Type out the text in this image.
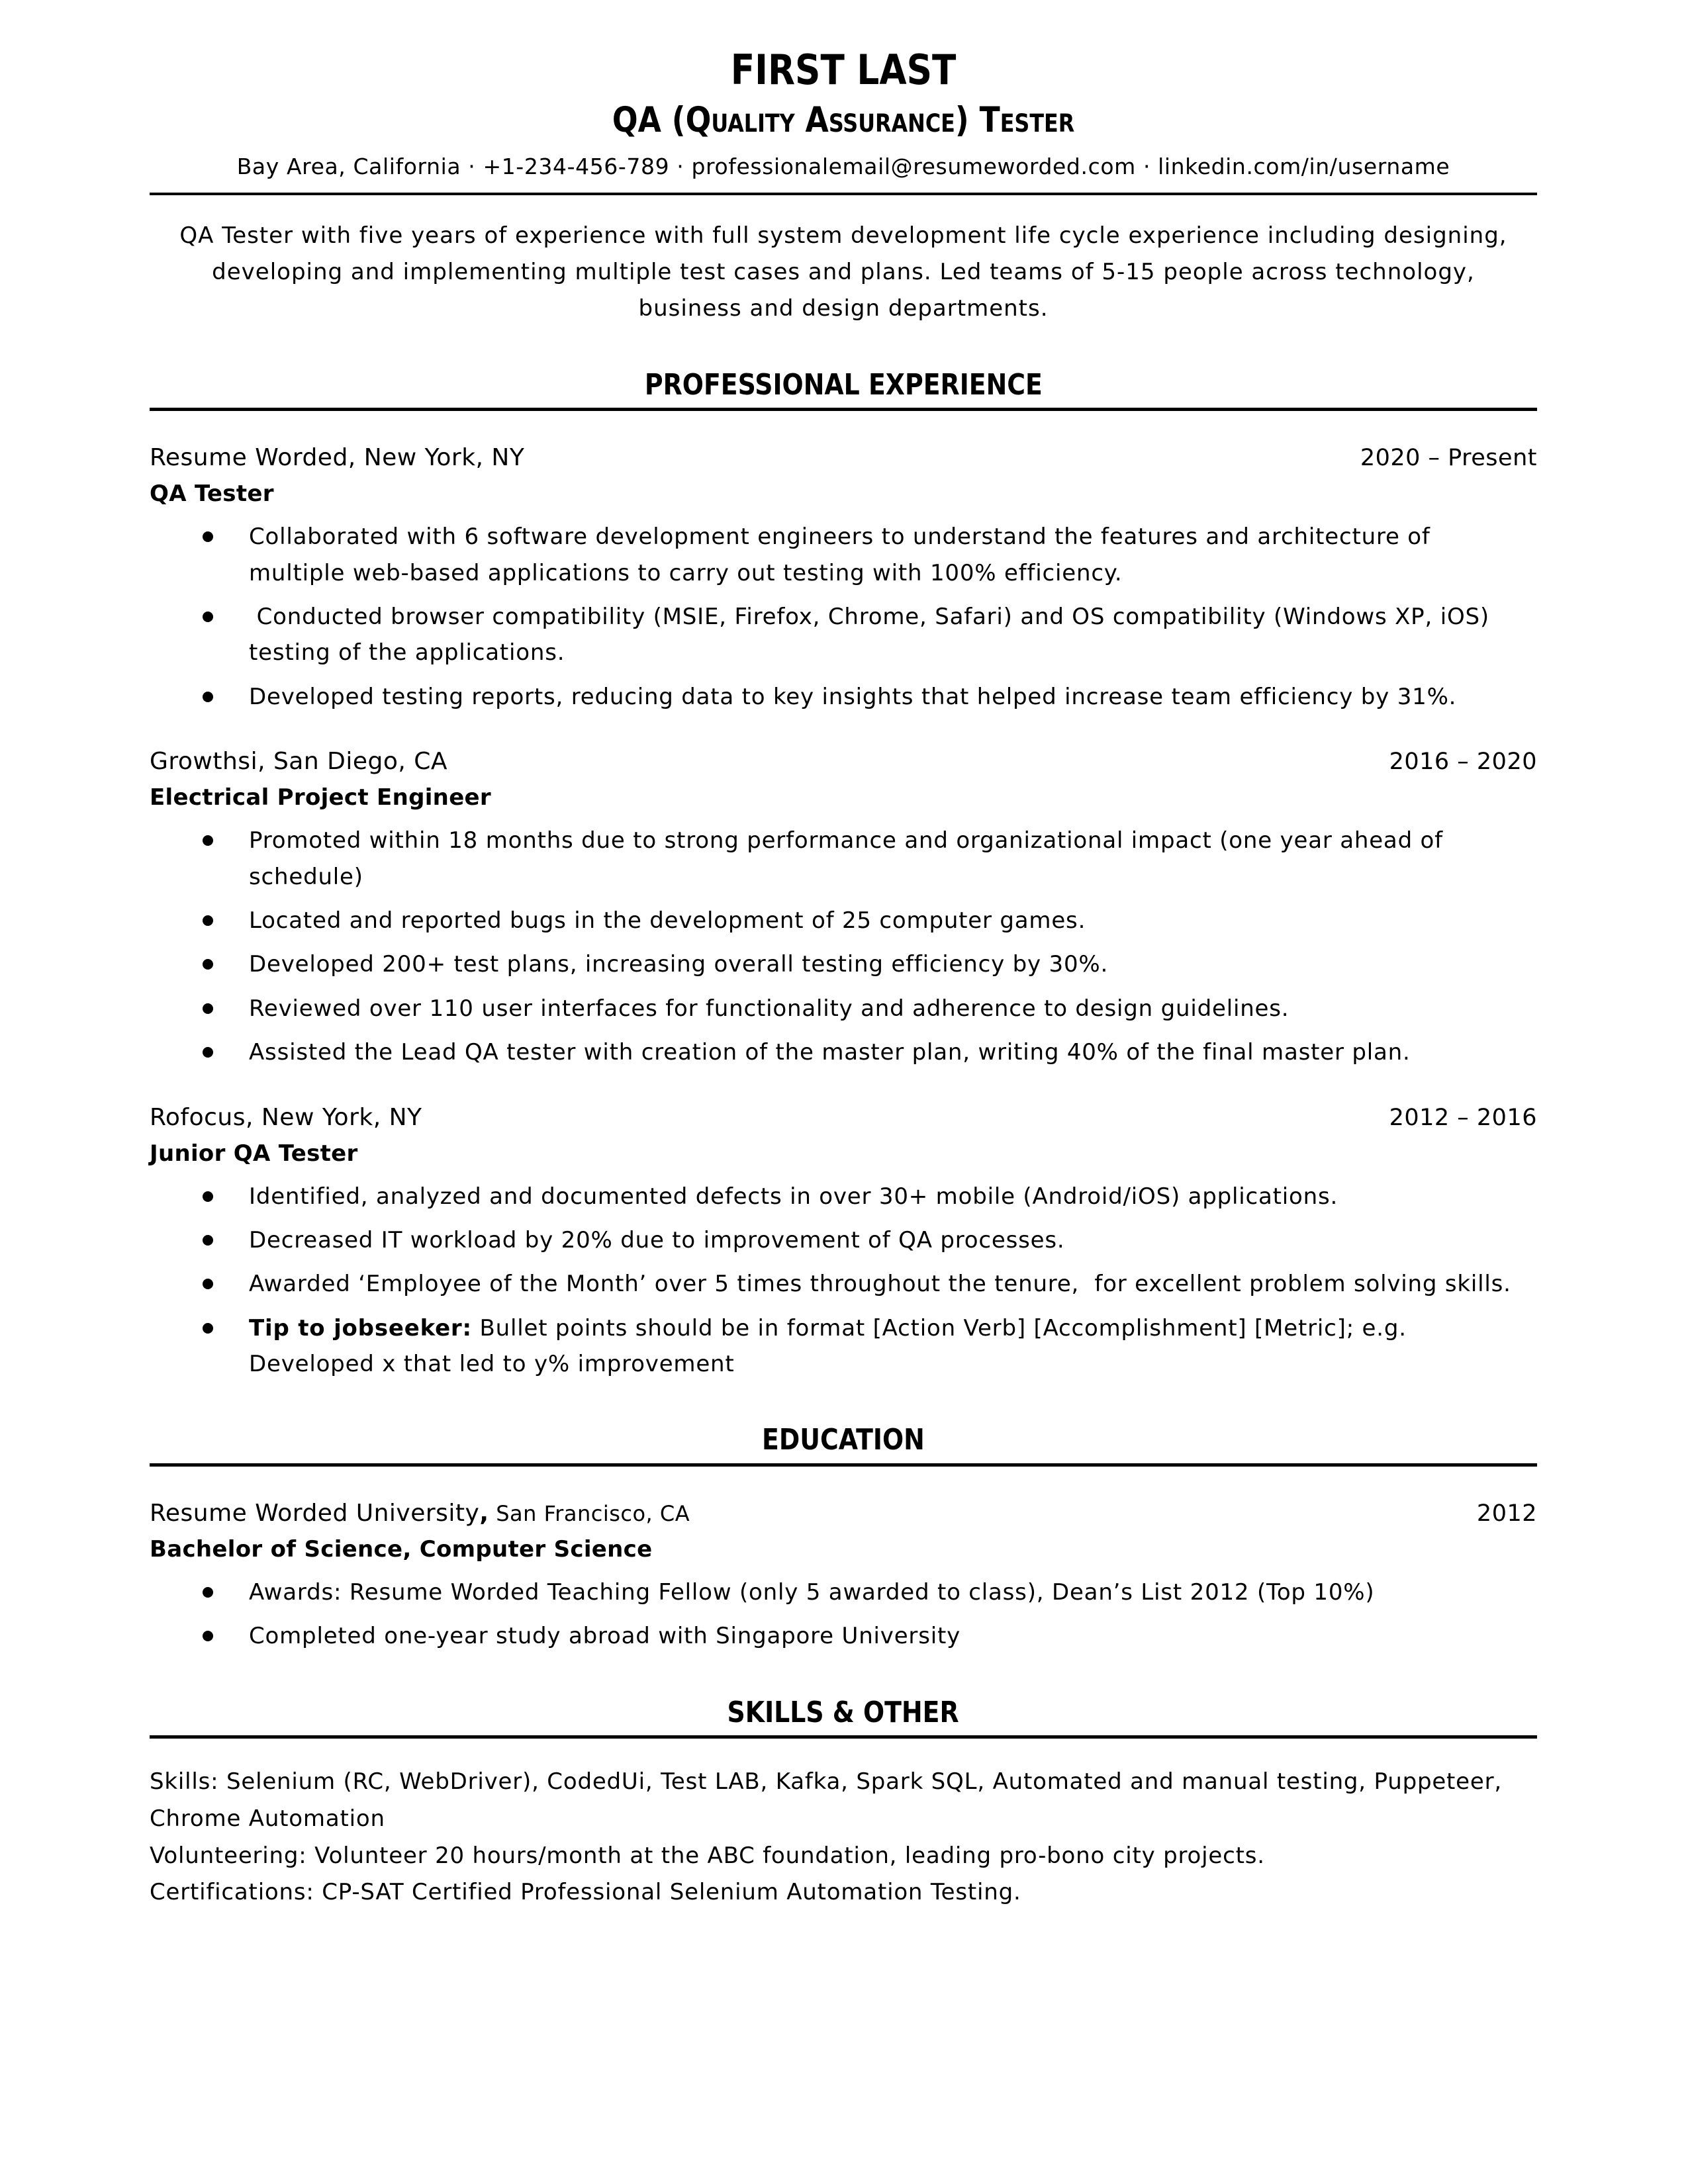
FIRST LAST
QA (Quality Assurance) Tester
Bay Area, California · +1-234-456-789 · professionalemail@resumeworded.com · linkedin.com/in/username

QA Tester with five years of experience with full system development life cycle experience including designing, developing and implementing multiple test cases and plans. Led teams of 5-15 people across technology, business and design departments.

PROFESSIONAL EXPERIENCE
Resume Worded, New York, NY	2020 – Present
QA Tester
Collaborated with 6 software development engineers to understand the features and architecture of multiple web-based applications to carry out testing with 100% efficiency.
Conducted browser compatibility (MSIE, Firefox, Chrome, Safari) and OS compatibility (Windows XP, iOS) testing of the applications.
Developed testing reports, reducing data to key insights that helped increase team efficiency by 31%.
Growthsi, San Diego, CA	2016 – 2020
Electrical Project Engineer
Promoted within 18 months due to strong performance and organizational impact (one year ahead of schedule)
Located and reported bugs in the development of 25 computer games.
Developed 200+ test plans, increasing overall testing efficiency by 30%.
Reviewed over 110 user interfaces for functionality and adherence to design guidelines.
Assisted the Lead QA tester with creation of the master plan, writing 40% of the final master plan.
Rofocus, New York, NY	2012 – 2016
Junior QA Tester
Identified, analyzed and documented defects in over 30+ mobile (Android/iOS) applications.
Decreased IT workload by 20% due to improvement of QA processes.
Awarded ‘Employee of the Month’ over 5 times throughout the tenure,  for excellent problem solving skills.
Tip to jobseeker: Bullet points should be in format [Action Verb] [Accomplishment] [Metric]; e.g. Developed x that led to y% improvement
EDUCATION
Resume Worded University, San Francisco, CA	2012
Bachelor of Science, Computer Science
Awards: Resume Worded Teaching Fellow (only 5 awarded to class), Dean’s List 2012 (Top 10%)
Completed one-year study abroad with Singapore University
SKILLS & OTHER
Skills: Selenium (RC, WebDriver), CodedUi, Test LAB, Kafka, Spark SQL, Automated and manual testing, Puppeteer, Chrome Automation
Volunteering: Volunteer 20 hours/month at the ABC foundation, leading pro-bono city projects.
Certifications: CP-SAT Certified Professional Selenium Automation Testing.
